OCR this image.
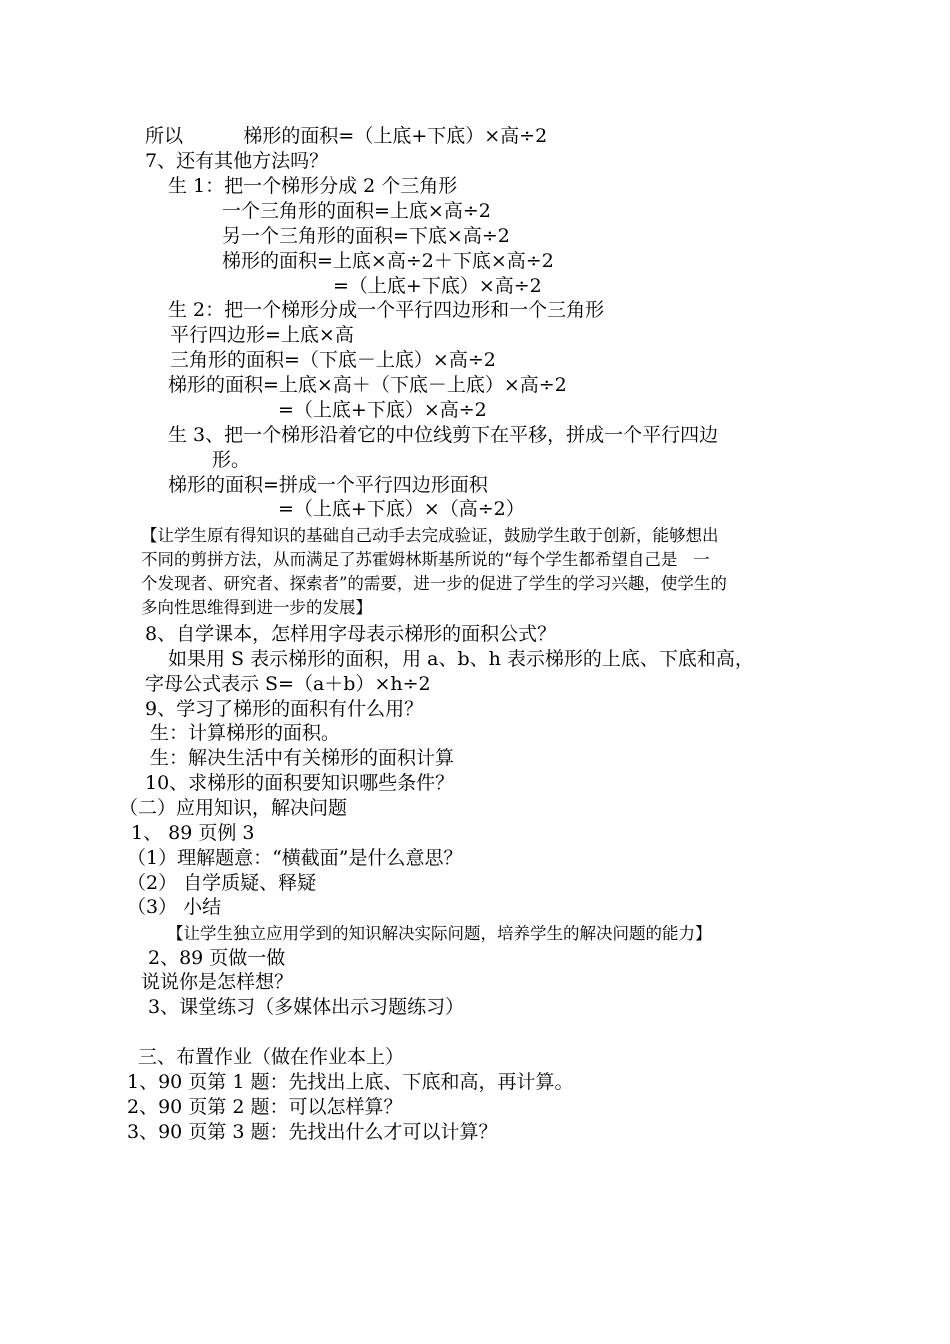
所以          梯形的面积=（上底+下底）×高÷2
7、还有其他方法吗？
生 1：把一个梯形分成 2 个三角形
一个三角形的面积=上底×高÷2
另一个三角形的面积=下底×高÷2
梯形的面积=上底×高÷2＋下底×高÷2
=（上底+下底）×高÷2
生 2：把一个梯形分成一个平行四边形和一个三角形
平行四边形=上底×高
三角形的面积=（下底－上底）×高÷2
梯形的面积=上底×高＋（下底－上底）×高÷2
=（上底+下底）×高÷2
生 3、把一个梯形沿着它的中位线剪下在平移，拼成一个平行四边
形。
梯形的面积=拼成一个平行四边形面积
=（上底+下底）×（高÷2）
【让学生原有得知识的基础自己动手去完成验证，鼓励学生敢于创新，能够想出
不同的剪拼方法，从而满足了苏霍姆林斯基所说的“每个学生都希望自己是   一
个发现者、研究者、探索者”的需要，进一步的促进了学生的学习兴趣，使学生的
多向性思维得到进一步的发展】
8、自学课本，怎样用字母表示梯形的面积公式？
如果用 S 表示梯形的面积，用 a、b、h 表示梯形的上底、下底和高，
字母公式表示 S=（a＋b）×h÷2
9、学习了梯形的面积有什么用？
生：计算梯形的面积。
生：解决生活中有关梯形的面积计算
10、求梯形的面积要知识哪些条件？
（二）应用知识，解决问题
1、 89 页例 3
（1）理解题意：“横截面”是什么意思？
（2） 自学质疑、释疑
（3） 小结
【让学生独立应用学到的知识解决实际问题，培养学生的解决问题的能力】
2、89 页做一做
说说你是怎样想？
3、课堂练习（多媒体出示习题练习）
三、布置作业（做在作业本上）
1、90 页第 1 题：先找出上底、下底和高，再计算。
2、90 页第 2 题：可以怎样算？
3、90 页第 3 题：先找出什么才可以计算？
